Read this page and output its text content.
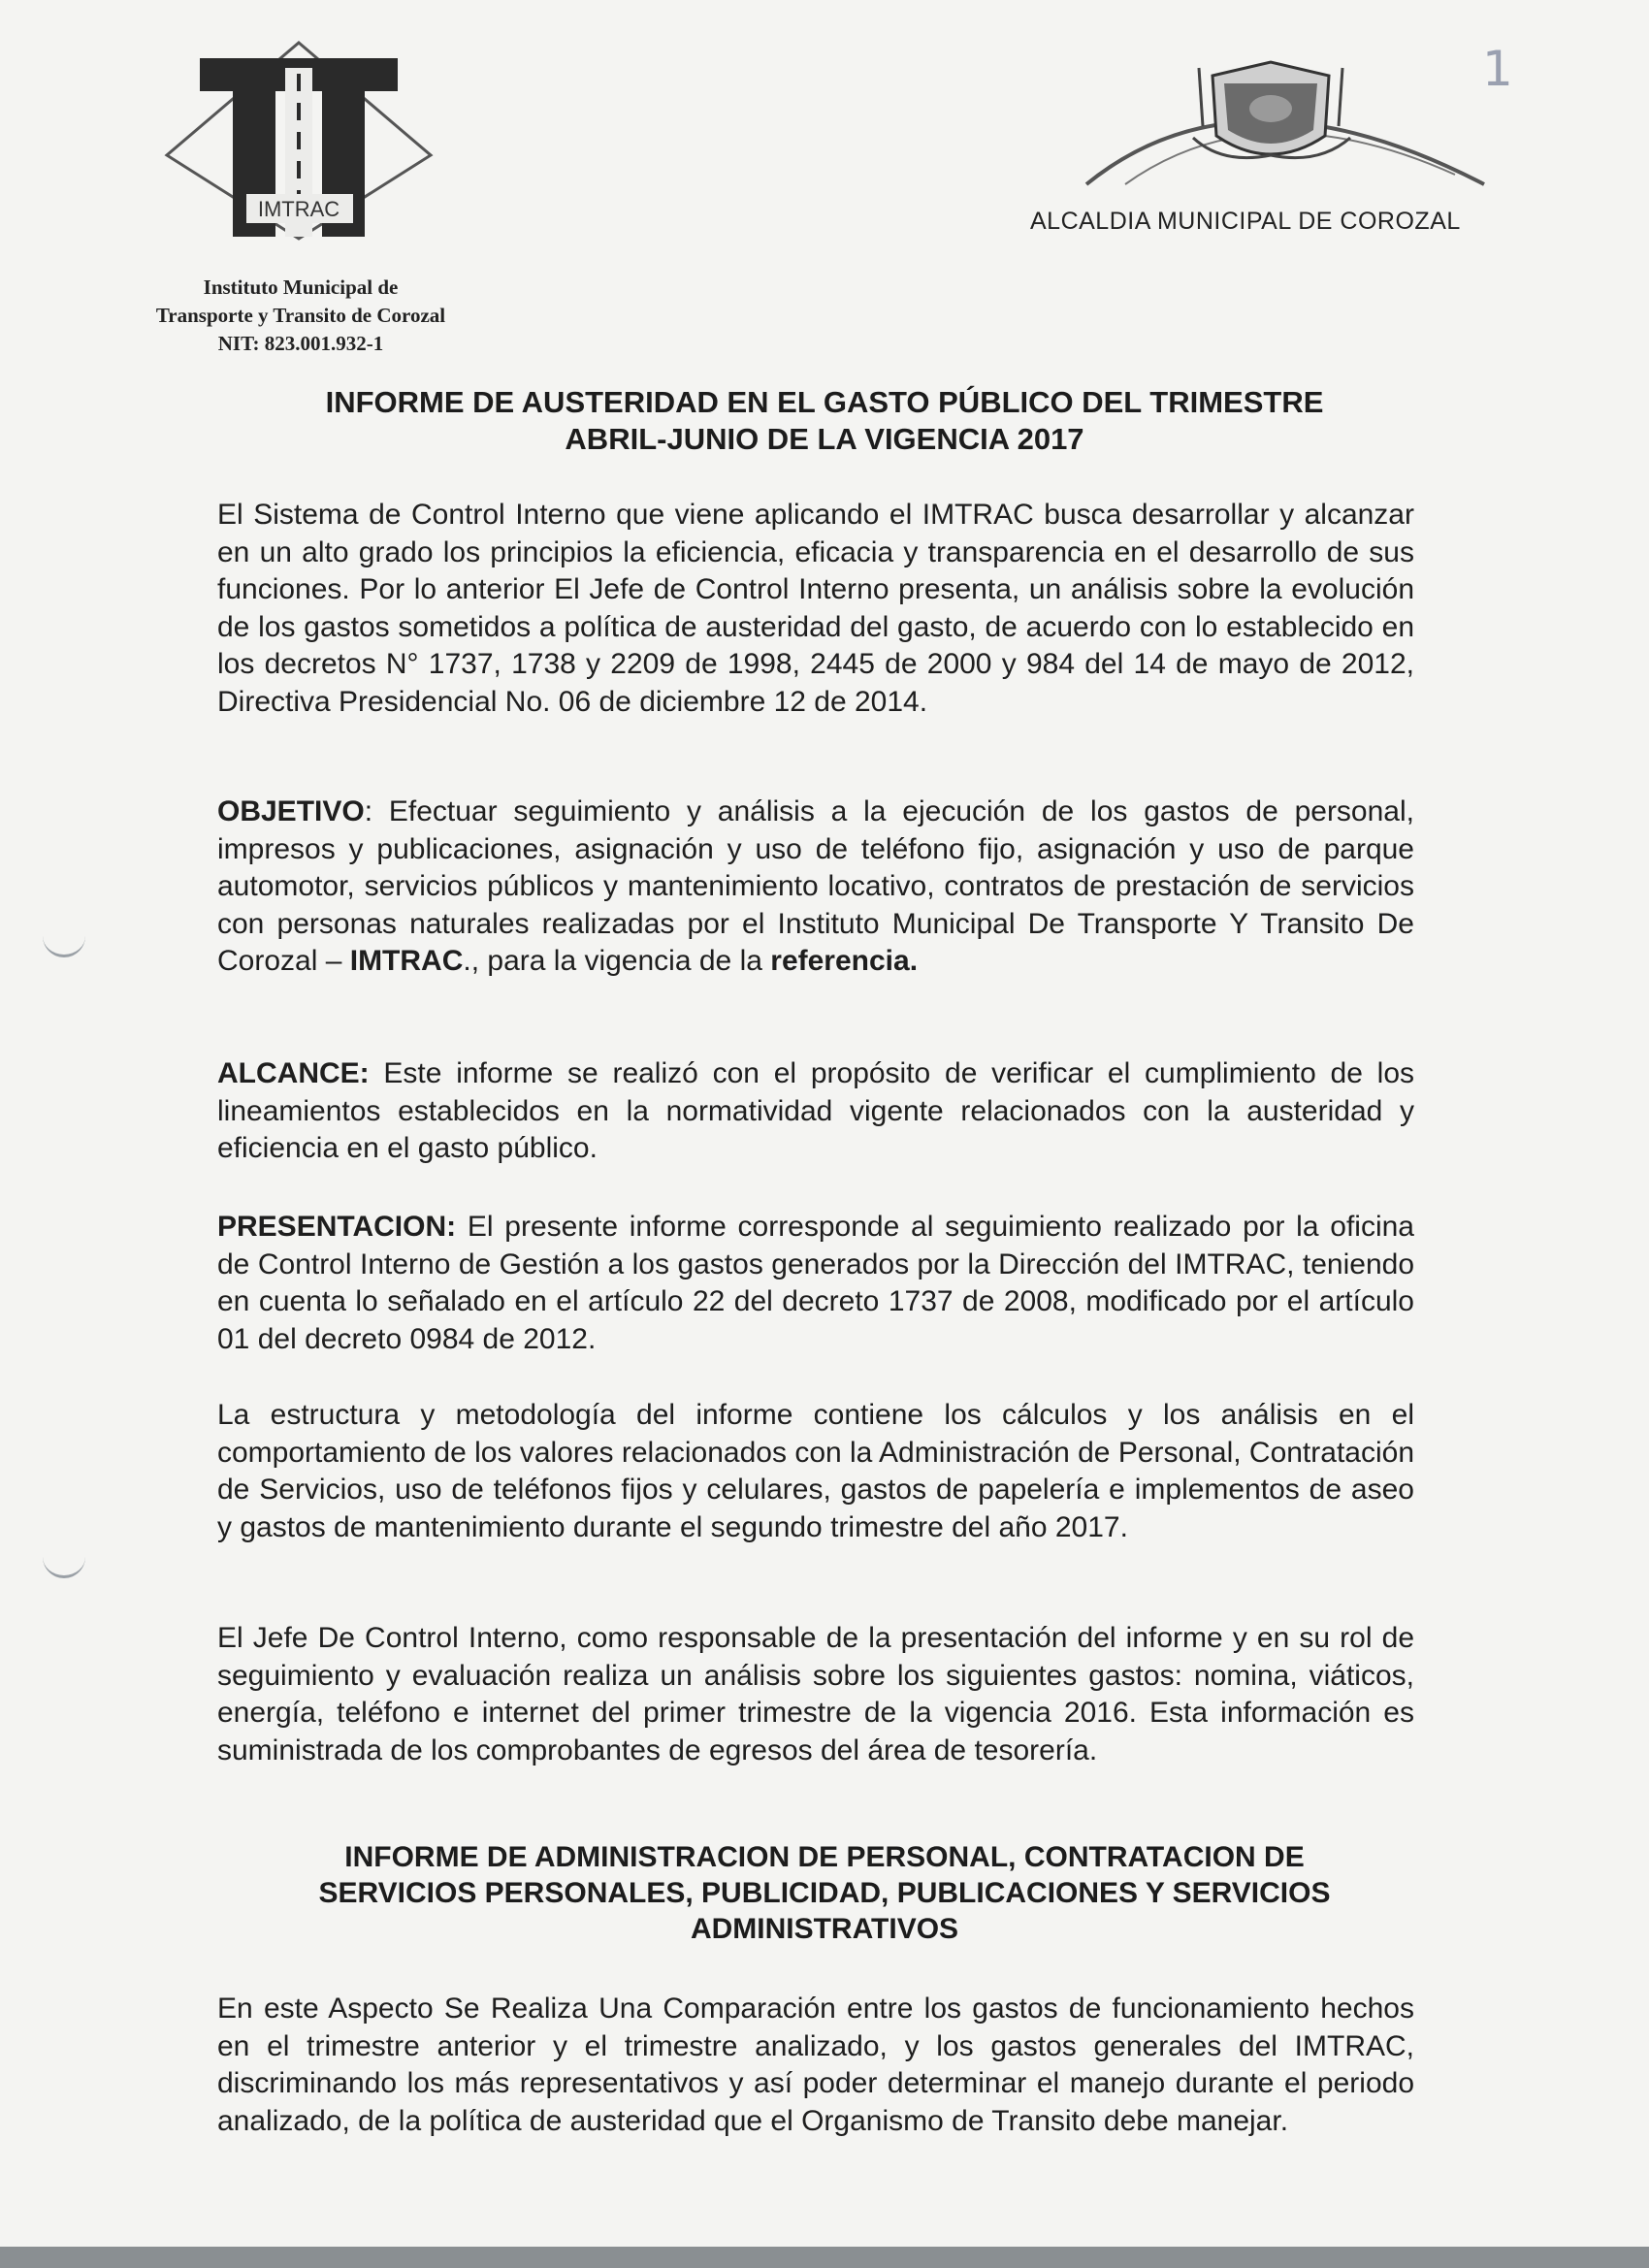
IMTRAC
Instituto Municipal de
Transporte y Transito de Corozal
NIT: 823.001.932-1
ALCALDIA MUNICIPAL DE COROZAL
1
INFORME DE AUSTERIDAD EN EL GASTO PÚBLICO DEL TRIMESTRE
ABRIL-JUNIO DE LA VIGENCIA 2017
El Sistema de Control Interno que viene aplicando el IMTRAC busca desarrollar y alcanzar en un alto grado los principios la eficiencia, eficacia y transparencia en el desarrollo de sus funciones. Por lo anterior El Jefe de Control Interno presenta, un análisis sobre la evolución de los gastos sometidos a política de austeridad del gasto, de acuerdo con lo establecido en los decretos N° 1737, 1738 y 2209 de 1998, 2445 de 2000 y 984 del 14 de mayo de 2012, Directiva Presidencial No. 06 de diciembre 12 de 2014.
OBJETIVO: Efectuar seguimiento y análisis a la ejecución de los gastos de personal, impresos y publicaciones, asignación y uso de teléfono fijo, asignación y uso de parque automotor, servicios públicos y mantenimiento locativo, contratos de prestación de servicios con personas naturales realizadas por el Instituto Municipal De Transporte Y Transito De Corozal – IMTRAC., para la vigencia de la referencia.
ALCANCE: Este informe se realizó con el propósito de verificar el cumplimiento de los lineamientos establecidos en la normatividad vigente relacionados con la austeridad y eficiencia en el gasto público.
PRESENTACION: El presente informe corresponde al seguimiento realizado por la oficina de Control Interno de Gestión a los gastos generados por la Dirección del IMTRAC, teniendo en cuenta lo señalado en el artículo 22 del decreto 1737 de 2008, modificado por el artículo 01 del decreto 0984 de 2012.
La estructura y metodología del informe contiene los cálculos y los análisis en el comportamiento de los valores relacionados con la Administración de Personal, Contratación de Servicios, uso de teléfonos fijos y celulares, gastos de papelería e implementos de aseo y gastos de mantenimiento durante el segundo trimestre del año 2017.
El Jefe De Control Interno, como responsable de la presentación del informe y en su rol de seguimiento y evaluación realiza un análisis sobre los siguientes gastos: nomina, viáticos, energía, teléfono e internet del primer trimestre de la vigencia 2016. Esta información es suministrada de los comprobantes de egresos del área de tesorería.
INFORME DE ADMINISTRACION DE PERSONAL, CONTRATACION DE
SERVICIOS PERSONALES, PUBLICIDAD, PUBLICACIONES Y SERVICIOS
ADMINISTRATIVOS
En este Aspecto Se Realiza Una Comparación entre los gastos de funcionamiento hechos en el trimestre anterior y el trimestre analizado, y los gastos generales del IMTRAC, discriminando los más representativos y así poder determinar el manejo durante el periodo analizado, de la política de austeridad que el Organismo de Transito debe manejar.
